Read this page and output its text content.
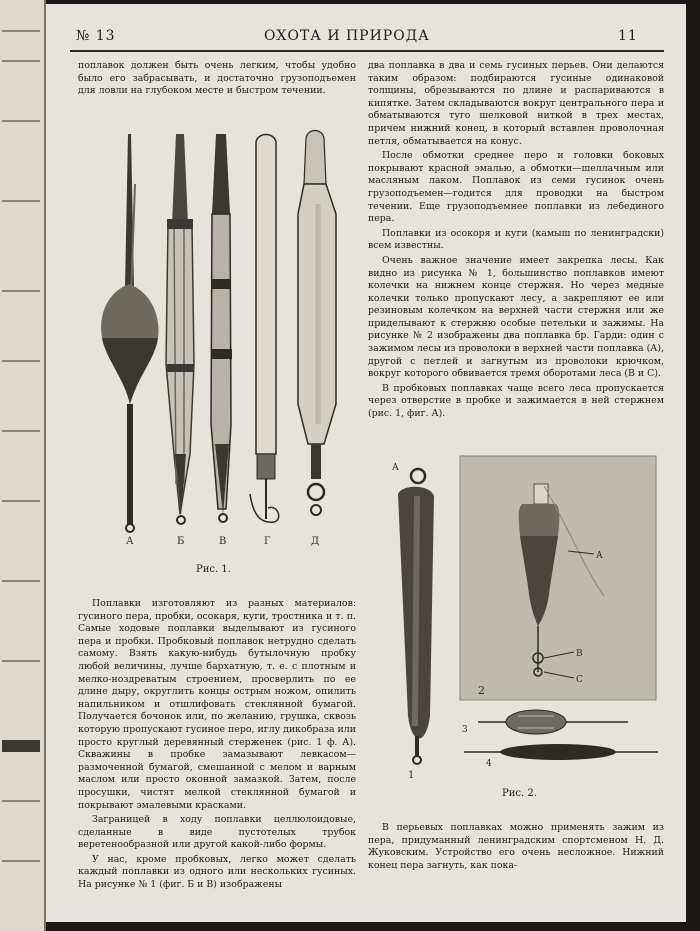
№ 13	ОХОТА И ПРИРОДА	11

поплавок должен быть очень легким, чтобы удобно было его забрасывать, и достаточно грузоподъемен для ловли на глубоком месте и быстром течении.

А	Б	В	Г	Д
Рис. 1.

Поплавки изготовляют из разных материалов: гусиного пера, пробки, осокаря, куги, тростника и т. п. Самые ходовые поплавки выделывают из гусиного пера и пробки. Пробковый поплавок нетрудно сделать самому. Взять какую-нибудь бутылочную пробку любой величины, лучше бархатную, т. е. с плотным и мелко-ноздреватым строением, просверлить по ее длине дыру, округлить концы острым ножом, опилить напильником и отшлифовать стеклянной бумагой. Получается бочонок или, по желанию, грушка, сквозь которую пропускают гусиное перо, иглу дикобраза или просто круглый деревянный стерженек (рис. 1 ф. А). Скважины в пробке замазывают левкасом—размоченной бумагой, смешанной с мелом и варным маслом или просто оконной замазкой. Затем, после просушки, чистят мелкой стеклянной бумагой и покрывают эмалевыми красками.

Заграницей в ходу поплавки целлюлоидовые, сделанные в виде пустотелых трубок веретенообразной или другой какой-либо формы.

У нас, кроме пробковых, легко может сделать каждый поплавки из одного или нескольких гусиных. На рисунке № 1 (фиг. Б и В) изображены

два поплавка в два и семь гусиных перьев. Они делаются таким образом: подбираются гусиные одинаковой толщины, обрезываются по длине и распариваются в кипятке. Затем складываются вокруг центрального пера и обматываются туго шелковой ниткой в трех местах, причем нижний конец, в который вставлен проволочная петля, обматывается на конус.

После обмотки среднее перо и головки боковых покрывают красной эмалью, а обмотки—шеллачным или масляным лаком. Поплавок из семи гусинок очень грузоподъемен—годится для проводки на быстром течении. Еще грузоподъемнее поплавки из лебединого пера.

Поплавки из осокоря и куги (камыш по ленинградски) всем известны.

Очень важное значение имеет закрепка лесы. Как видно из рисунка № 1, большинство поплавков имеют колечки на нижнем конце стержня. Но через медные колечки только пропускают лесу, а закрепляют ее или резиновым колечком на верхней части стержня или же приделывают к стержню особые петельки и зажимы. На рисунке № 2 изображены два поплавка бр. Гарди: один с зажимом лесы из проволоки в верхней части поплавка (А), другой с петлей и загнутым из проволоки крючком, вокруг которого обвивается тремя оборотами леса (В и С).

В пробковых поплавках чаще всего леса пропускается через отверстие в пробке и зажимается в ней стержнем (рис. 1, фиг. А).

А
1
А
В
С
2
3
4
Рис. 2.

В перьевых поплавках можно применять зажим из пера, придуманный ленинградским спортсменом Н. Д. Жуковским. Устройство его очень несложное. Нижний конец пера загнуть, как пока-
